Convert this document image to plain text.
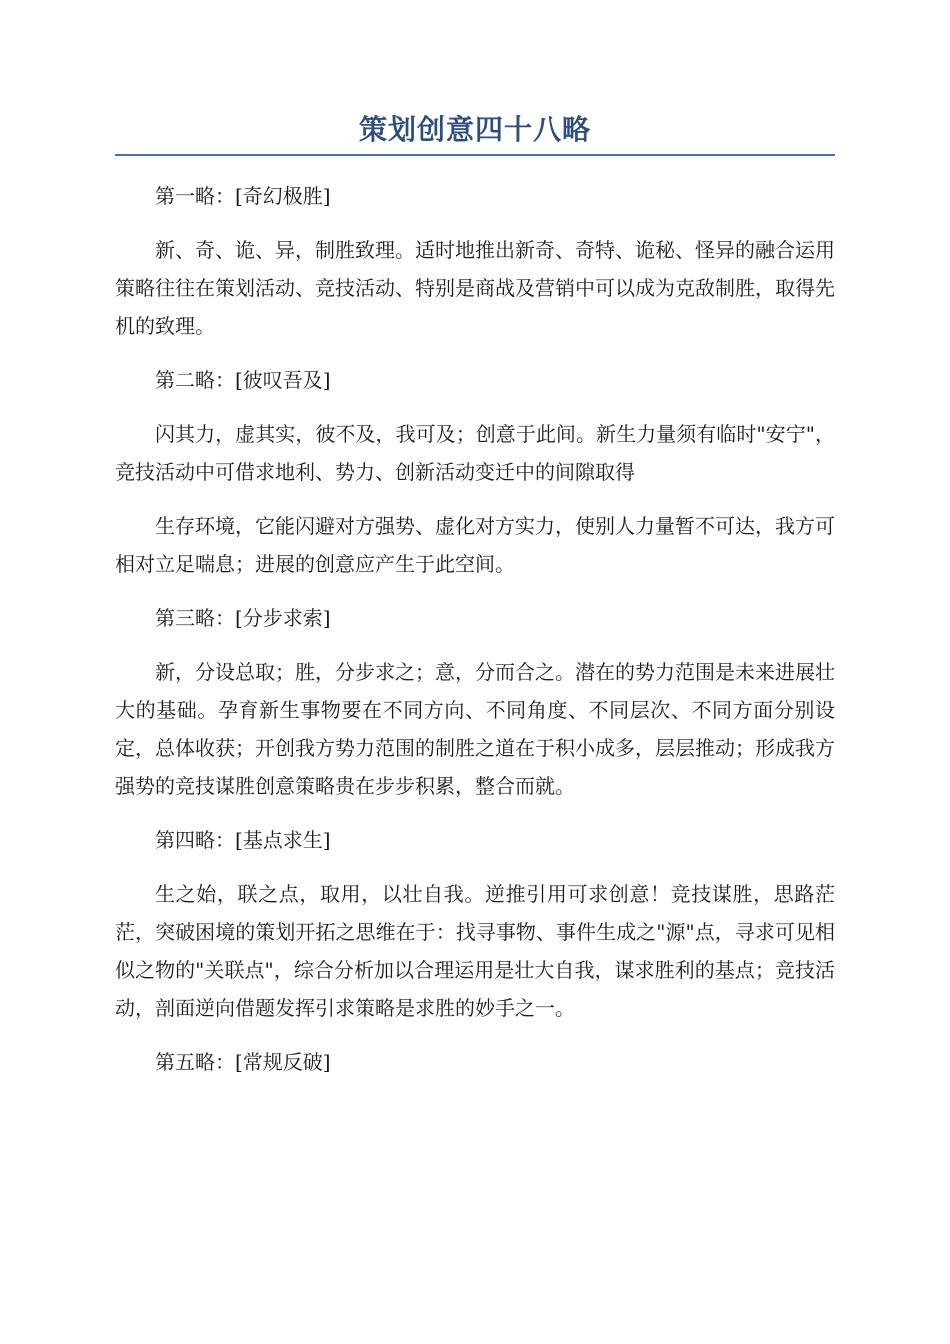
策划创意四十八略

第一略：[奇幻极胜]

新、奇、诡、异，制胜致理。适时地推出新奇、奇特、诡秘、怪异的融合运用策略往往在策划活动、竞技活动、特别是商战及营销中可以成为克敌制胜，取得先机的致理。

第二略：[彼叹吾及]

闪其力，虚其实，彼不及，我可及；创意于此间。新生力量须有临时"安宁"，竞技活动中可借求地利、势力、创新活动变迁中的间隙取得

生存环境，它能闪避对方强势、虚化对方实力，使别人力量暂不可达，我方可相对立足喘息；进展的创意应产生于此空间。

第三略：[分步求索]

新，分设总取；胜，分步求之；意，分而合之。潜在的势力范围是未来进展壮大的基础。孕育新生事物要在不同方向、不同角度、不同层次、不同方面分别设定，总体收获；开创我方势力范围的制胜之道在于积小成多，层层推动；形成我方强势的竞技谋胜创意策略贵在步步积累，整合而就。

第四略：[基点求生]

生之始，联之点，取用，以壮自我。逆推引用可求创意！竞技谋胜，思路茫茫，突破困境的策划开拓之思维在于：找寻事物、事件生成之"源"点，寻求可见相似之物的"关联点"，综合分析加以合理运用是壮大自我，谋求胜利的基点；竞技活动，剖面逆向借题发挥引求策略是求胜的妙手之一。

第五略：[常规反破]
